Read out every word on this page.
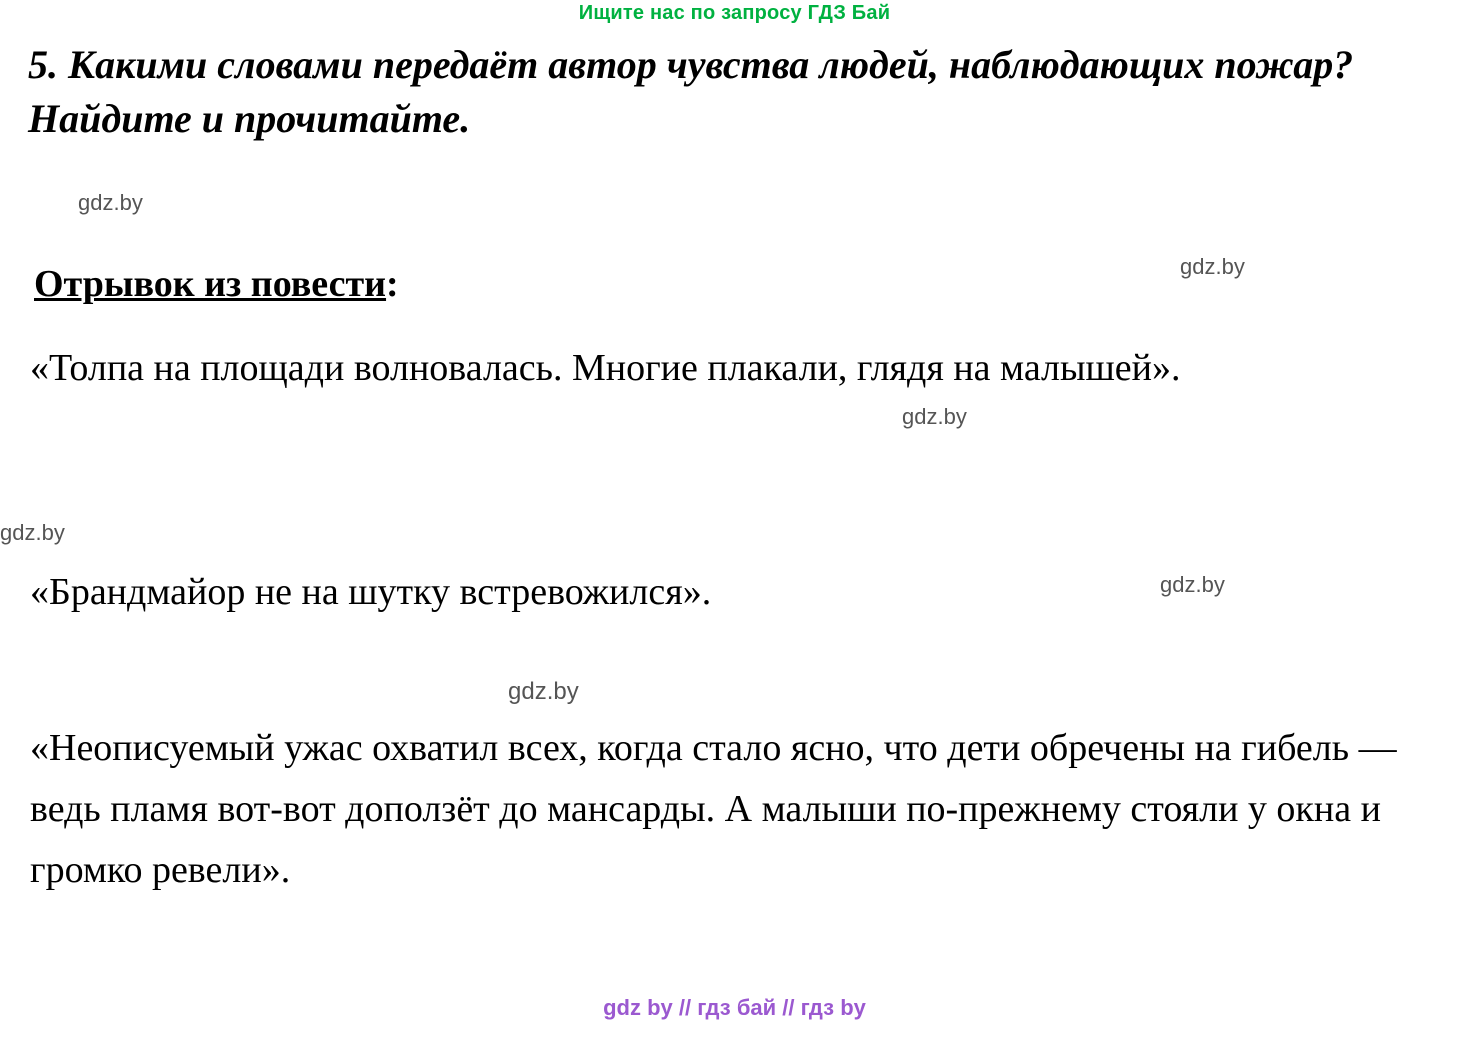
Ищите нас по запросу ГДЗ Бай
5. Какими словами передаёт автор чувства людей, наблюдающих пожар? Найдите и прочитайте.
Отрывок из повести:
«Толпа на площади волновалась. Многие плакали, глядя на малышей».
«Брандмайор не на шутку встревожился».
«Неописуемый ужас охватил всех, когда стало ясно, что дети обречены на гибель — ведь пламя вот-вот доползёт до мансарды. А малыши по-прежнему стояли у окна и громко ревели».
gdz.by
gdz.by
gdz.by
gdz.by
gdz.by
gdz.by
gdz by // гдз бай // гдз by
